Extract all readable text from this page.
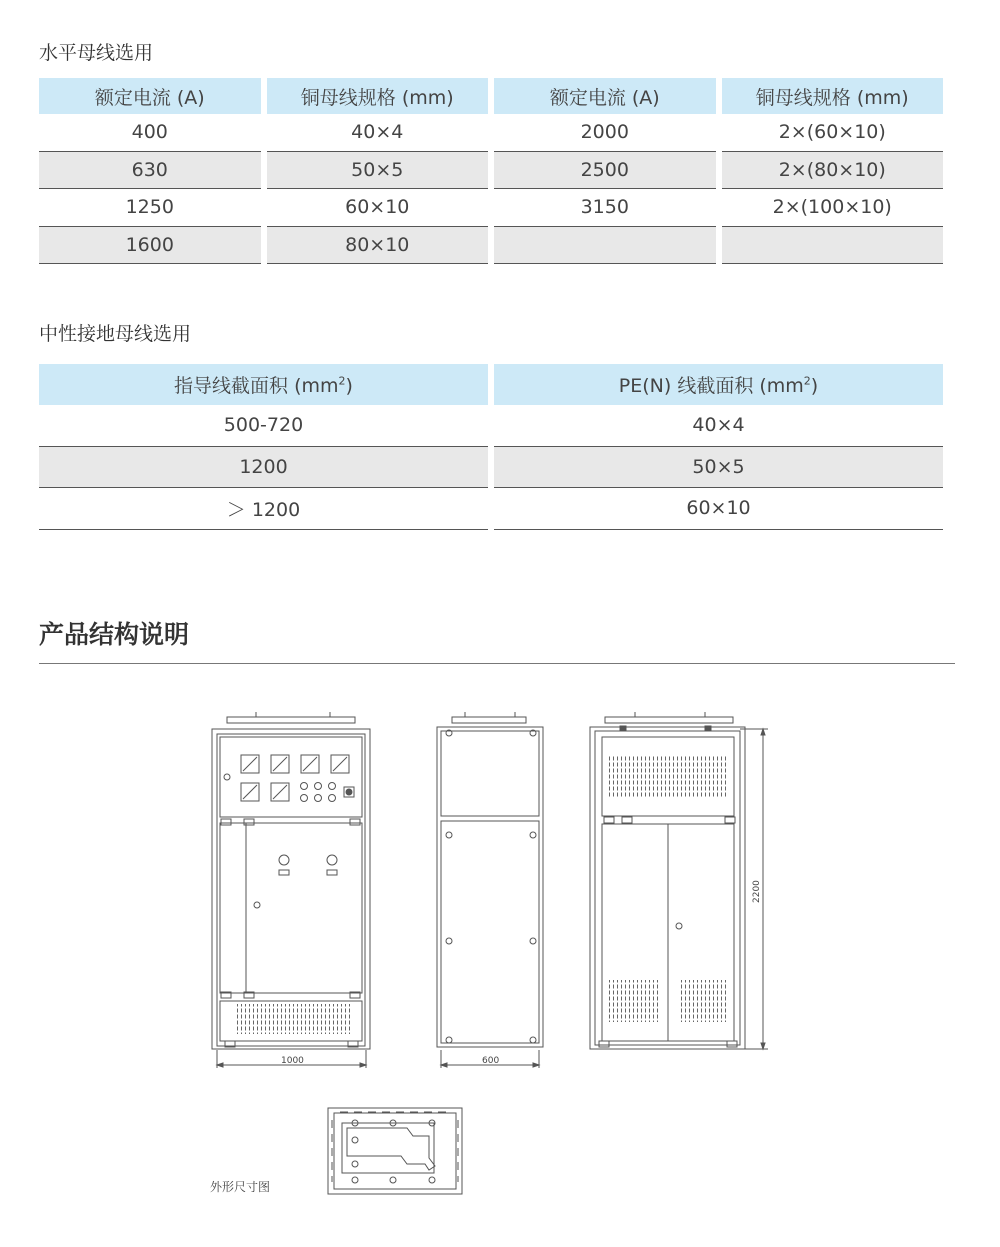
水平母线选用
额定电流 (A)	铜母线规格 (mm)	额定电流 (A)	铜母线规格 (mm)
400	40×4	2000	2×(60×10)
630	50×5	2500	2×(80×10)
1250	60×10	3150	2×(100×10)
1600	80×10		
中性接地母线选用
指导线截面积 $(mm^2)$	PE(N) 线截面积 $(mm^2)$
500-720	40×4
1200	50×5
＞ 1200	60×10
产品结构说明
1000	600
2200
外形尺寸图
